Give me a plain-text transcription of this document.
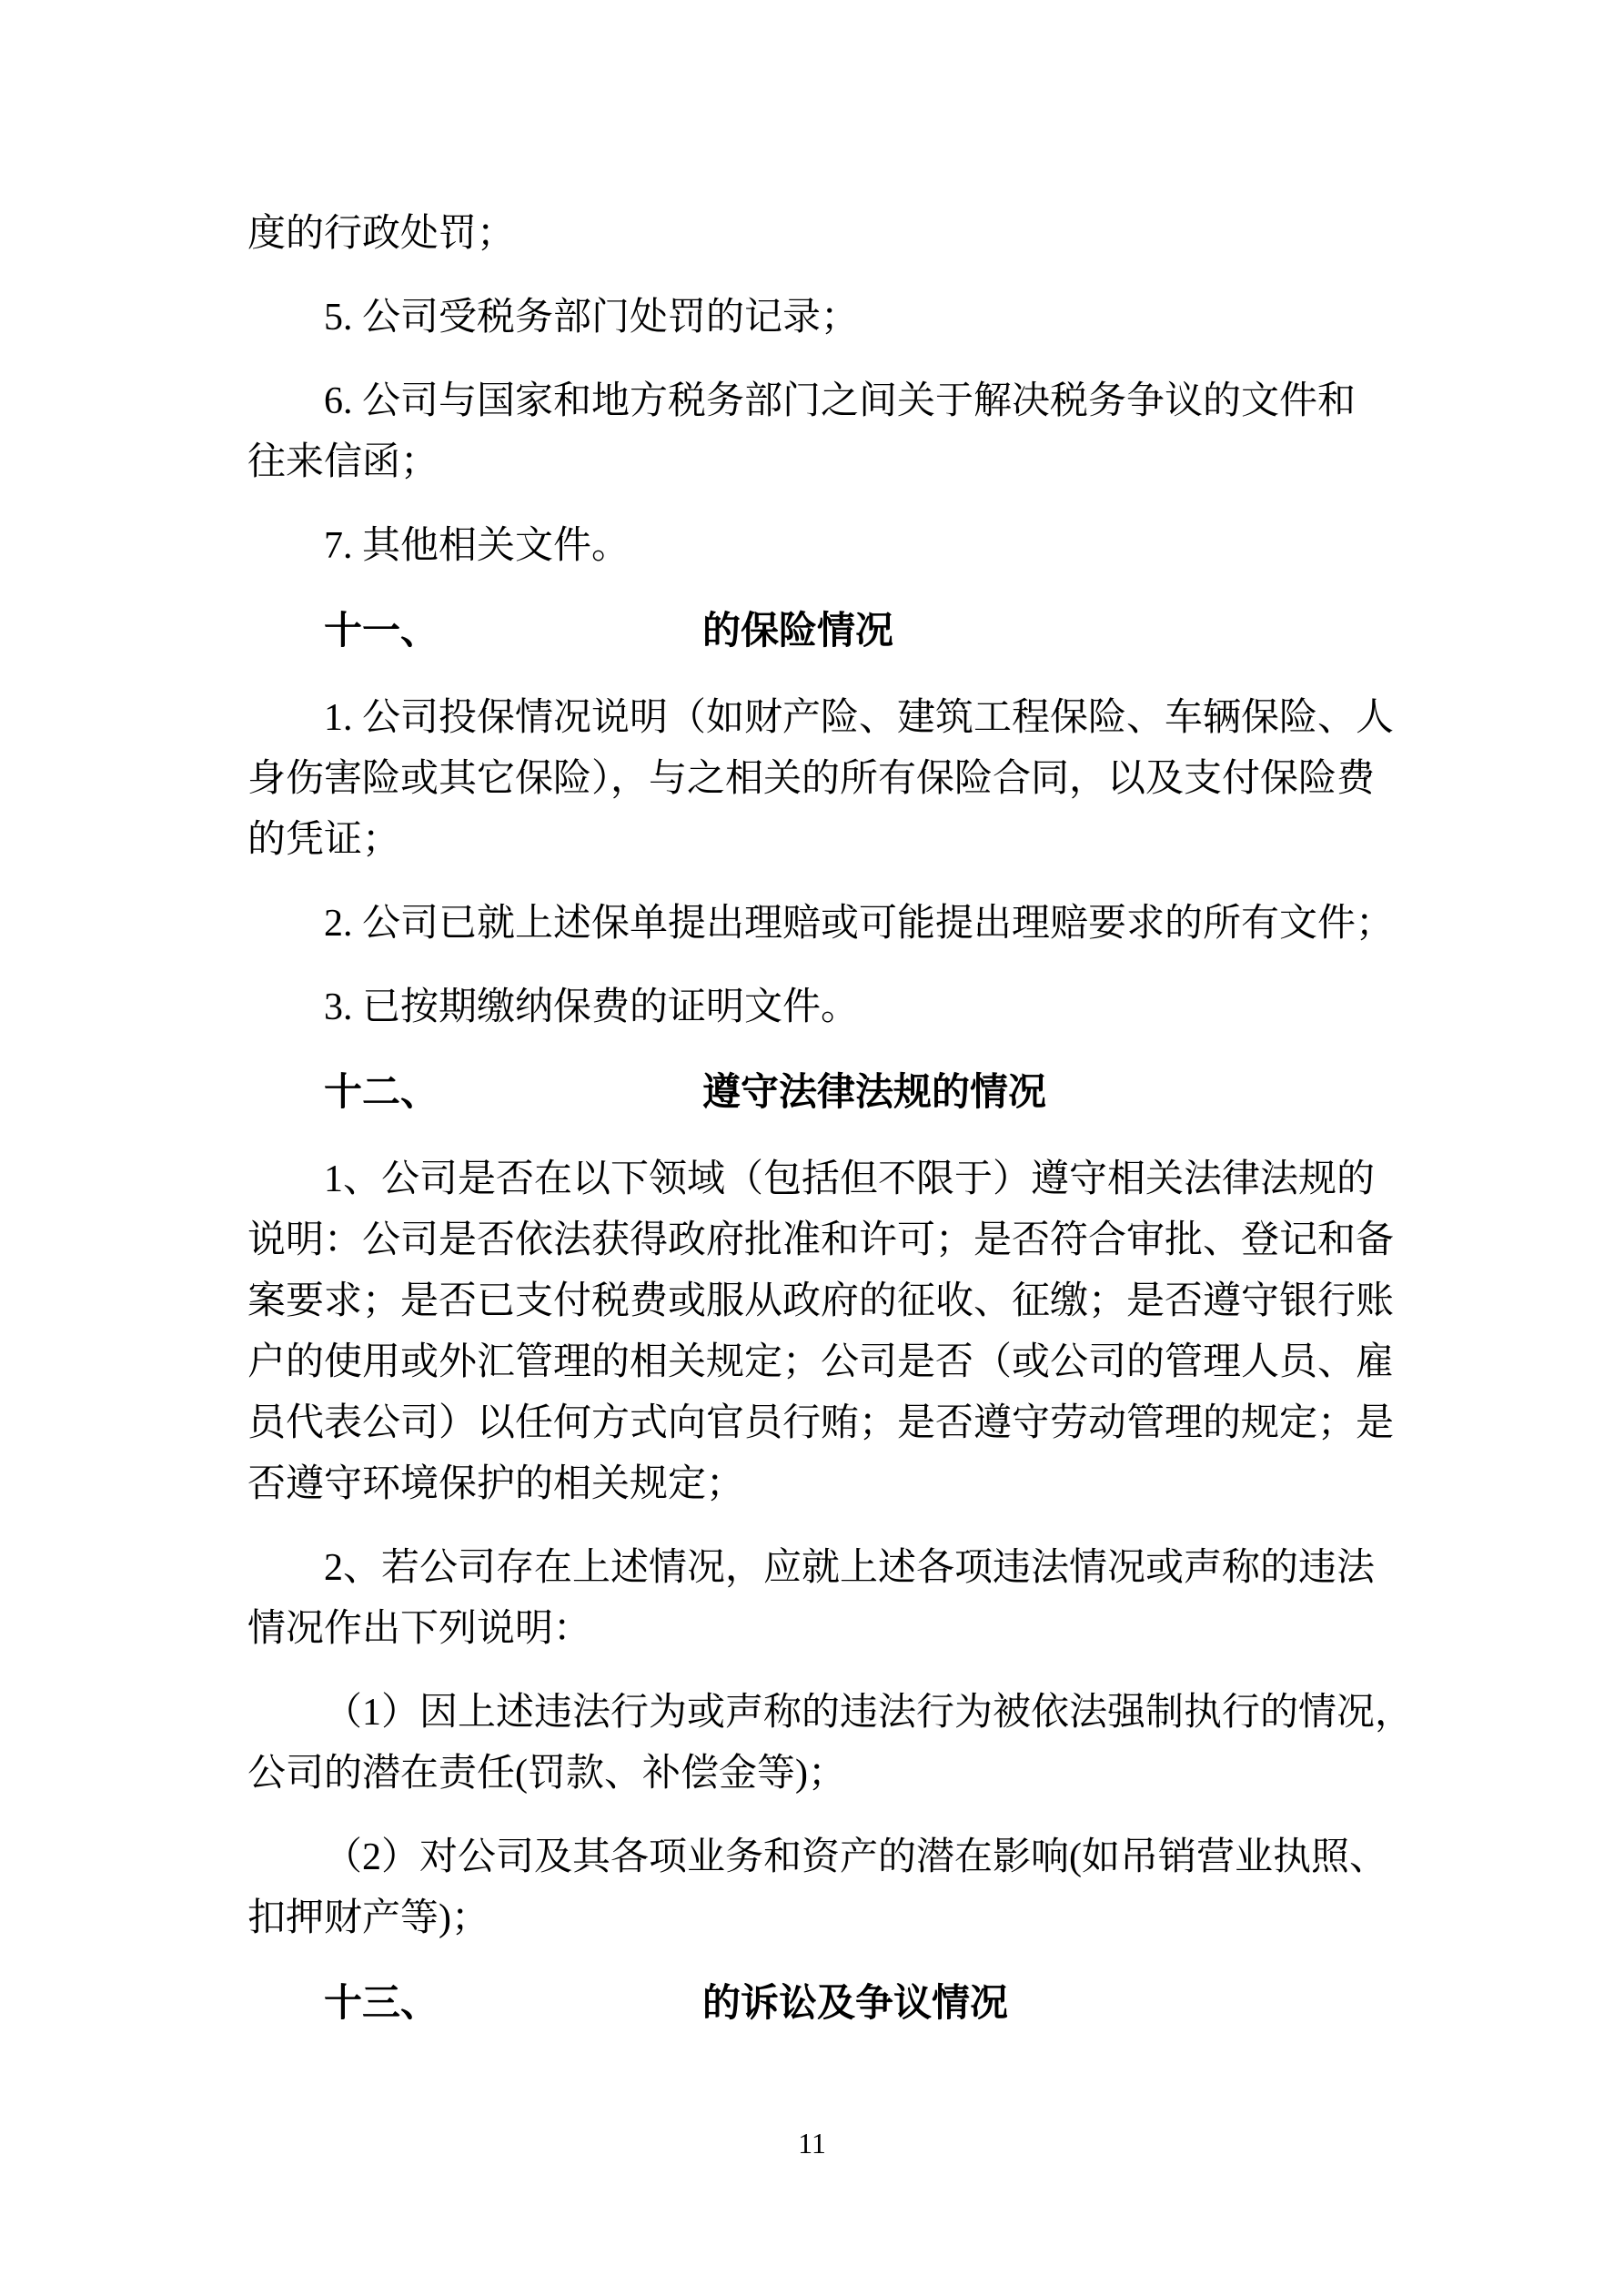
度的行政处罚；
5. 公司受税务部门处罚的记录；
6. 公司与国家和地方税务部门之间关于解决税务争议的文件和
往来信函；
7. 其他相关文件。
十一、	的保险情况
1. 公司投保情况说明（如财产险、建筑工程保险、车辆保险、人
身伤害险或其它保险），与之相关的所有保险合同，以及支付保险费
的凭证；
2. 公司已就上述保单提出理赔或可能提出理赔要求的所有文件；
3. 已按期缴纳保费的证明文件。
十二、	遵守法律法规的情况
1、公司是否在以下领域（包括但不限于）遵守相关法律法规的
说明：公司是否依法获得政府批准和许可；是否符合审批、登记和备
案要求；是否已支付税费或服从政府的征收、征缴；是否遵守银行账
户的使用或外汇管理的相关规定；公司是否（或公司的管理人员、雇
员代表公司）以任何方式向官员行贿；是否遵守劳动管理的规定；是
否遵守环境保护的相关规定；
2、若公司存在上述情况，应就上述各项违法情况或声称的违法
情况作出下列说明：
（1）因上述违法行为或声称的违法行为被依法强制执行的情况，
公司的潜在责任(罚款、补偿金等)；
（2）对公司及其各项业务和资产的潜在影响(如吊销营业执照、
扣押财产等)；
十三、	的诉讼及争议情况
11
